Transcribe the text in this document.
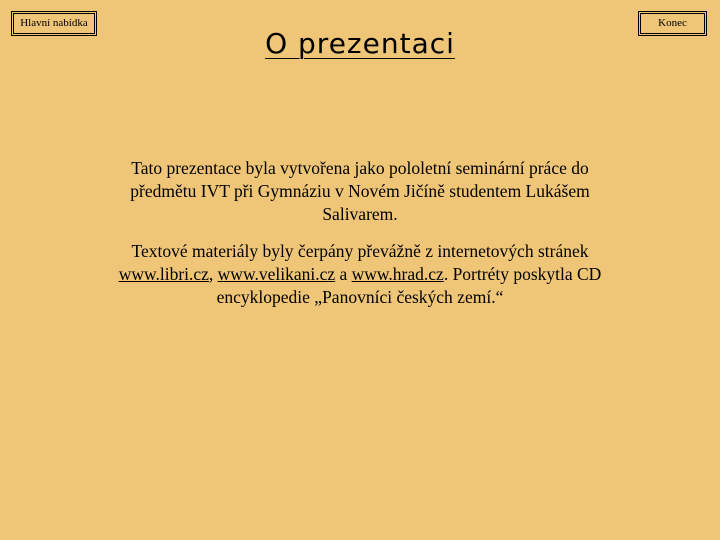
Hlavní nabídka	Konec
O prezentaci

Tato prezentace byla vytvořena jako pololetní seminární práce do
předmětu IVT při Gymnáziu v Novém Jičíně studentem Lukášem
Salivarem.

Textové materiály byly čerpány převážně z internetových stránek
www.libri.cz, www.velikani.cz a www.hrad.cz. Portréty poskytla CD
encyklopedie „Panovníci českých zemí.“
